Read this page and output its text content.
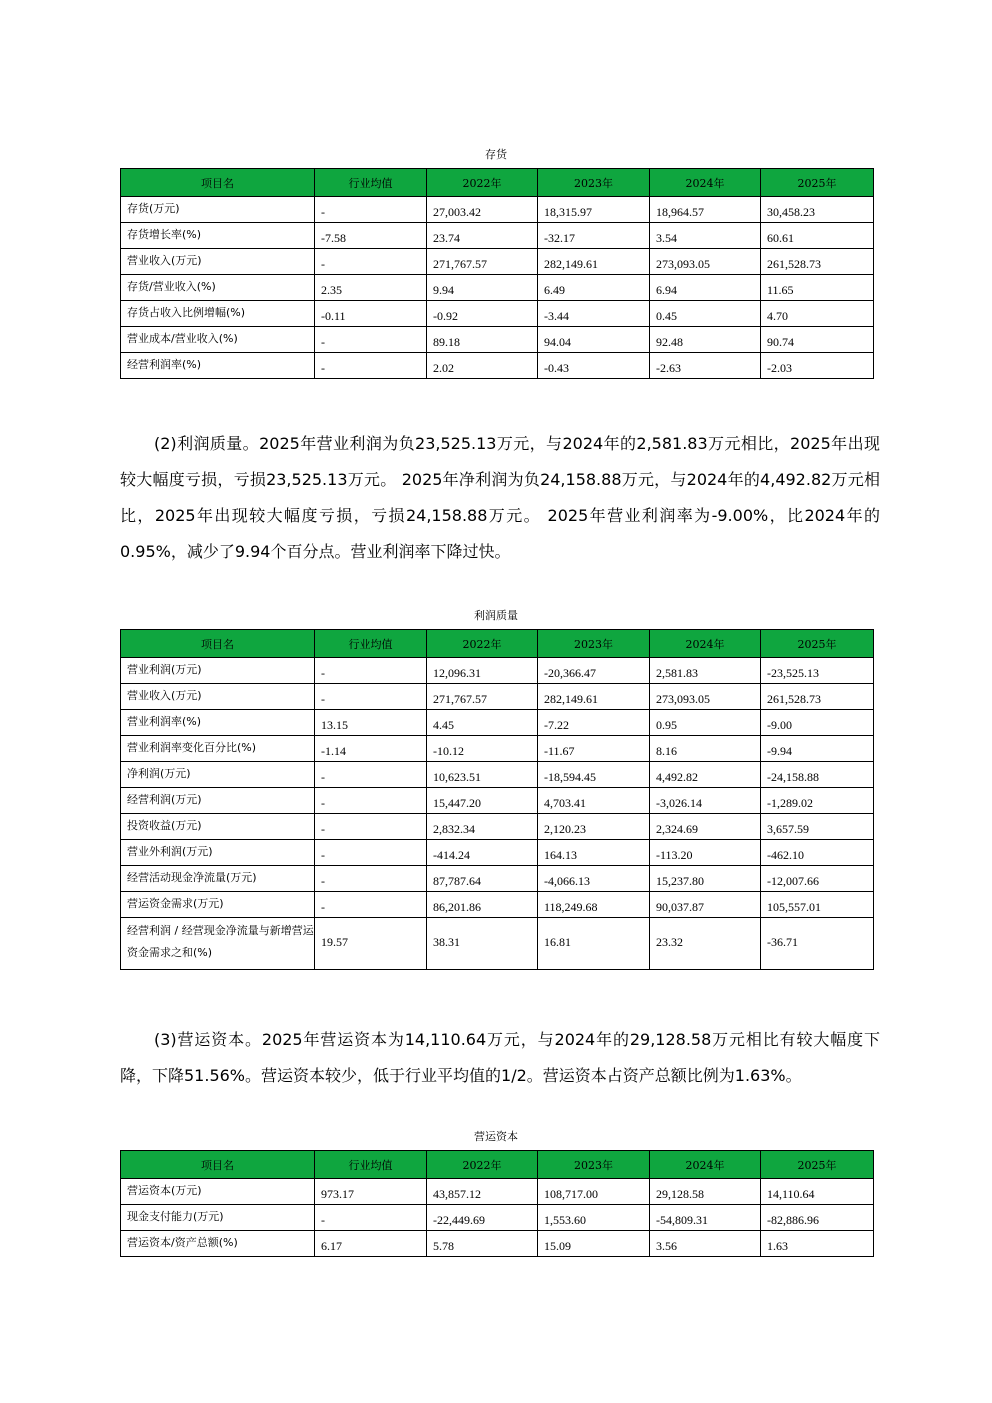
存货
项目名	行业均值	2022年	2023年	2024年	2025年
存货(万元)	-	27,003.42	18,315.97	18,964.57	30,458.23
存货增长率(%)	-7.58	23.74	-32.17	3.54	60.61
营业收入(万元)	-	271,767.57	282,149.61	273,093.05	261,528.73
存货/营业收入(%)	2.35	9.94	6.49	6.94	11.65
存货占收入比例增幅(%)	-0.11	-0.92	-3.44	0.45	4.70
营业成本/营业收入(%)	-	89.18	94.04	92.48	90.74
经营利润率(%)	-	2.02	-0.43	-2.63	-2.03
(2)利润质量。2025年营业利润为负23,525.13万元，与2024年的2,581.83万元相比，2025年出现较大幅度亏损，亏损23,525.13万元。 2025年净利润为负24,158.88万元，与2024年的4,492.82万元相比，2025年出现较大幅度亏损，亏损24,158.88万元。 2025年营业利润率为-9.00%，比2024年的0.95%，减少了9.94个百分点。营业利润率下降过快。
利润质量
项目名	行业均值	2022年	2023年	2024年	2025年
营业利润(万元)	-	12,096.31	-20,366.47	2,581.83	-23,525.13
营业收入(万元)	-	271,767.57	282,149.61	273,093.05	261,528.73
营业利润率(%)	13.15	4.45	-7.22	0.95	-9.00
营业利润率变化百分比(%)	-1.14	-10.12	-11.67	8.16	-9.94
净利润(万元)	-	10,623.51	-18,594.45	4,492.82	-24,158.88
经营利润(万元)	-	15,447.20	4,703.41	-3,026.14	-1,289.02
投资收益(万元)	-	2,832.34	2,120.23	2,324.69	3,657.59
营业外利润(万元)	-	-414.24	164.13	-113.20	-462.10
经营活动现金净流量(万元)	-	87,787.64	-4,066.13	15,237.80	-12,007.66
营运资金需求(万元)	-	86,201.86	118,249.68	90,037.87	105,557.01
经营利润 / 经营现金净流量与新增营运资金需求之和(%)	19.57	38.31	16.81	23.32	-36.71
(3)营运资本。2025年营运资本为14,110.64万元，与2024年的29,128.58万元相比有较大幅度下降，下降51.56%。营运资本较少，低于行业平均值的1/2。营运资本占资产总额比例为1.63%。
营运资本
项目名	行业均值	2022年	2023年	2024年	2025年
营运资本(万元)	973.17	43,857.12	108,717.00	29,128.58	14,110.64
现金支付能力(万元)	-	-22,449.69	1,553.60	-54,809.31	-82,886.96
营运资本/资产总额(%)	6.17	5.78	15.09	3.56	1.63
